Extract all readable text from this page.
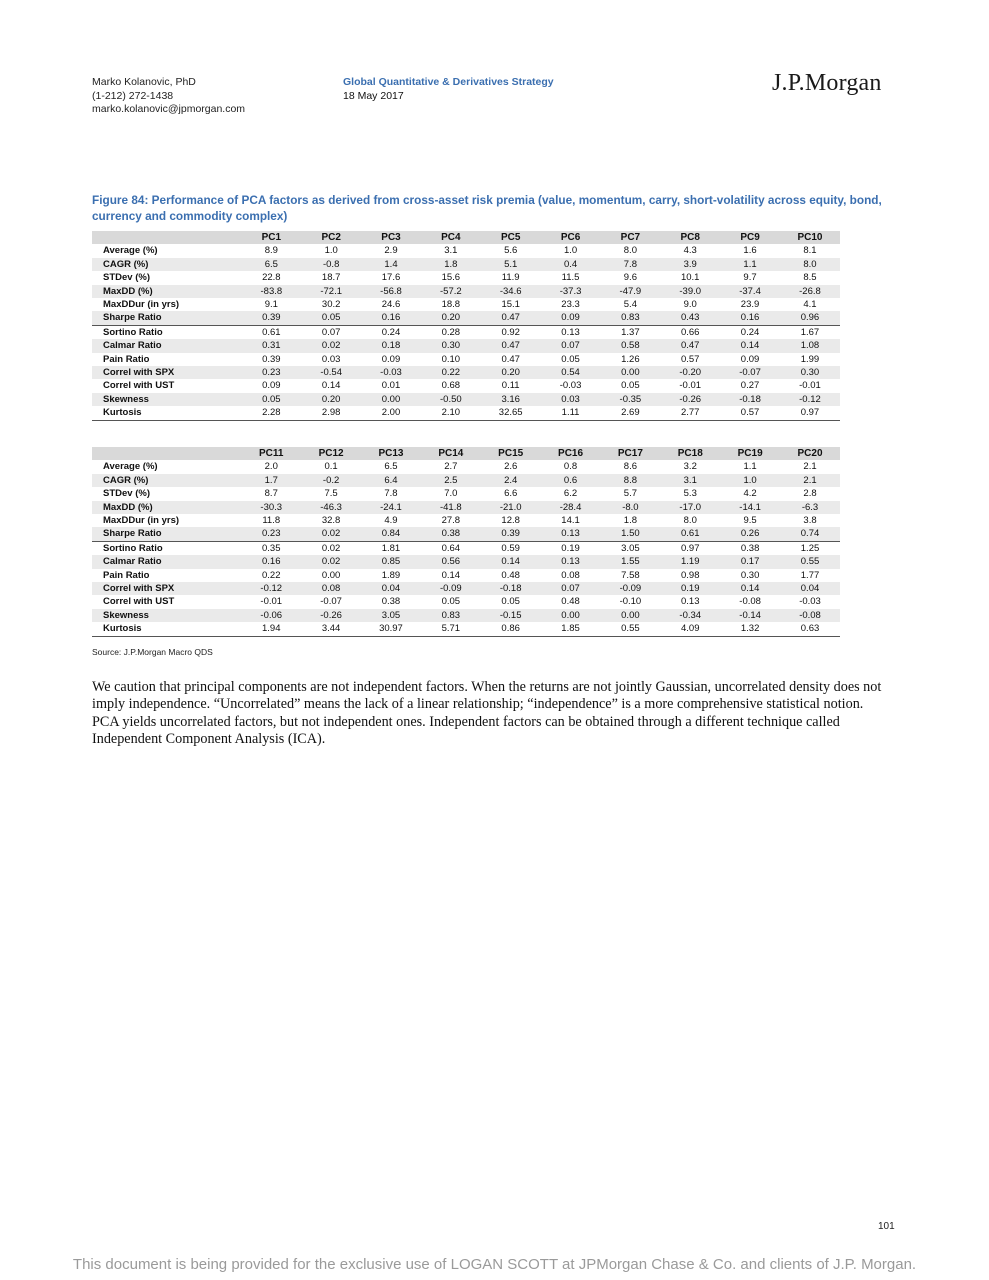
Marko Kolanovic, PhD
(1-212) 272-1438
marko.kolanovic@jpmorgan.com
Global Quantitative & Derivatives Strategy
18 May 2017	J.P.Morgan
Figure 84: Performance of PCA factors as derived from cross-asset risk premia (value, momentum, carry, short-volatility across equity, bond, currency and commodity complex)
	PC1	PC2	PC3	PC4	PC5	PC6	PC7	PC8	PC9	PC10
Average (%)	8.9	1.0	2.9	3.1	5.6	1.0	8.0	4.3	1.6	8.1
CAGR (%)	6.5	-0.8	1.4	1.8	5.1	0.4	7.8	3.9	1.1	8.0
STDev (%)	22.8	18.7	17.6	15.6	11.9	11.5	9.6	10.1	9.7	8.5
MaxDD (%)	-83.8	-72.1	-56.8	-57.2	-34.6	-37.3	-47.9	-39.0	-37.4	-26.8
MaxDDur (in yrs)	9.1	30.2	24.6	18.8	15.1	23.3	5.4	9.0	23.9	4.1
Sharpe Ratio	0.39	0.05	0.16	0.20	0.47	0.09	0.83	0.43	0.16	0.96
Sortino Ratio	0.61	0.07	0.24	0.28	0.92	0.13	1.37	0.66	0.24	1.67
Calmar Ratio	0.31	0.02	0.18	0.30	0.47	0.07	0.58	0.47	0.14	1.08
Pain Ratio	0.39	0.03	0.09	0.10	0.47	0.05	1.26	0.57	0.09	1.99
Correl with SPX	0.23	-0.54	-0.03	0.22	0.20	0.54	0.00	-0.20	-0.07	0.30
Correl with UST	0.09	0.14	0.01	0.68	0.11	-0.03	0.05	-0.01	0.27	-0.01
Skewness	0.05	0.20	0.00	-0.50	3.16	0.03	-0.35	-0.26	-0.18	-0.12
Kurtosis	2.28	2.98	2.00	2.10	32.65	1.11	2.69	2.77	0.57	0.97
	PC11	PC12	PC13	PC14	PC15	PC16	PC17	PC18	PC19	PC20
Average (%)	2.0	0.1	6.5	2.7	2.6	0.8	8.6	3.2	1.1	2.1
CAGR (%)	1.7	-0.2	6.4	2.5	2.4	0.6	8.8	3.1	1.0	2.1
STDev (%)	8.7	7.5	7.8	7.0	6.6	6.2	5.7	5.3	4.2	2.8
MaxDD (%)	-30.3	-46.3	-24.1	-41.8	-21.0	-28.4	-8.0	-17.0	-14.1	-6.3
MaxDDur (in yrs)	11.8	32.8	4.9	27.8	12.8	14.1	1.8	8.0	9.5	3.8
Sharpe Ratio	0.23	0.02	0.84	0.38	0.39	0.13	1.50	0.61	0.26	0.74
Sortino Ratio	0.35	0.02	1.81	0.64	0.59	0.19	3.05	0.97	0.38	1.25
Calmar Ratio	0.16	0.02	0.85	0.56	0.14	0.13	1.55	1.19	0.17	0.55
Pain Ratio	0.22	0.00	1.89	0.14	0.48	0.08	7.58	0.98	0.30	1.77
Correl with SPX	-0.12	0.08	0.04	-0.09	-0.18	0.07	-0.09	0.19	0.14	0.04
Correl with UST	-0.01	-0.07	0.38	0.05	0.05	0.48	-0.10	0.13	-0.08	-0.03
Skewness	-0.06	-0.26	3.05	0.83	-0.15	0.00	0.00	-0.34	-0.14	-0.08
Kurtosis	1.94	3.44	30.97	5.71	0.86	1.85	0.55	4.09	1.32	0.63
Source: J.P.Morgan Macro QDS
We caution that principal components are not independent factors. When the returns are not jointly Gaussian, uncorrelated density does not imply independence. “Uncorrelated” means the lack of a linear relationship; “independence” is a more comprehensive statistical notion. PCA yields uncorrelated factors, but not independent ones. Independent factors can be obtained through a different technique called Independent Component Analysis (ICA).
101
This document is being provided for the exclusive use of LOGAN SCOTT at JPMorgan Chase & Co. and clients of J.P. Morgan.
